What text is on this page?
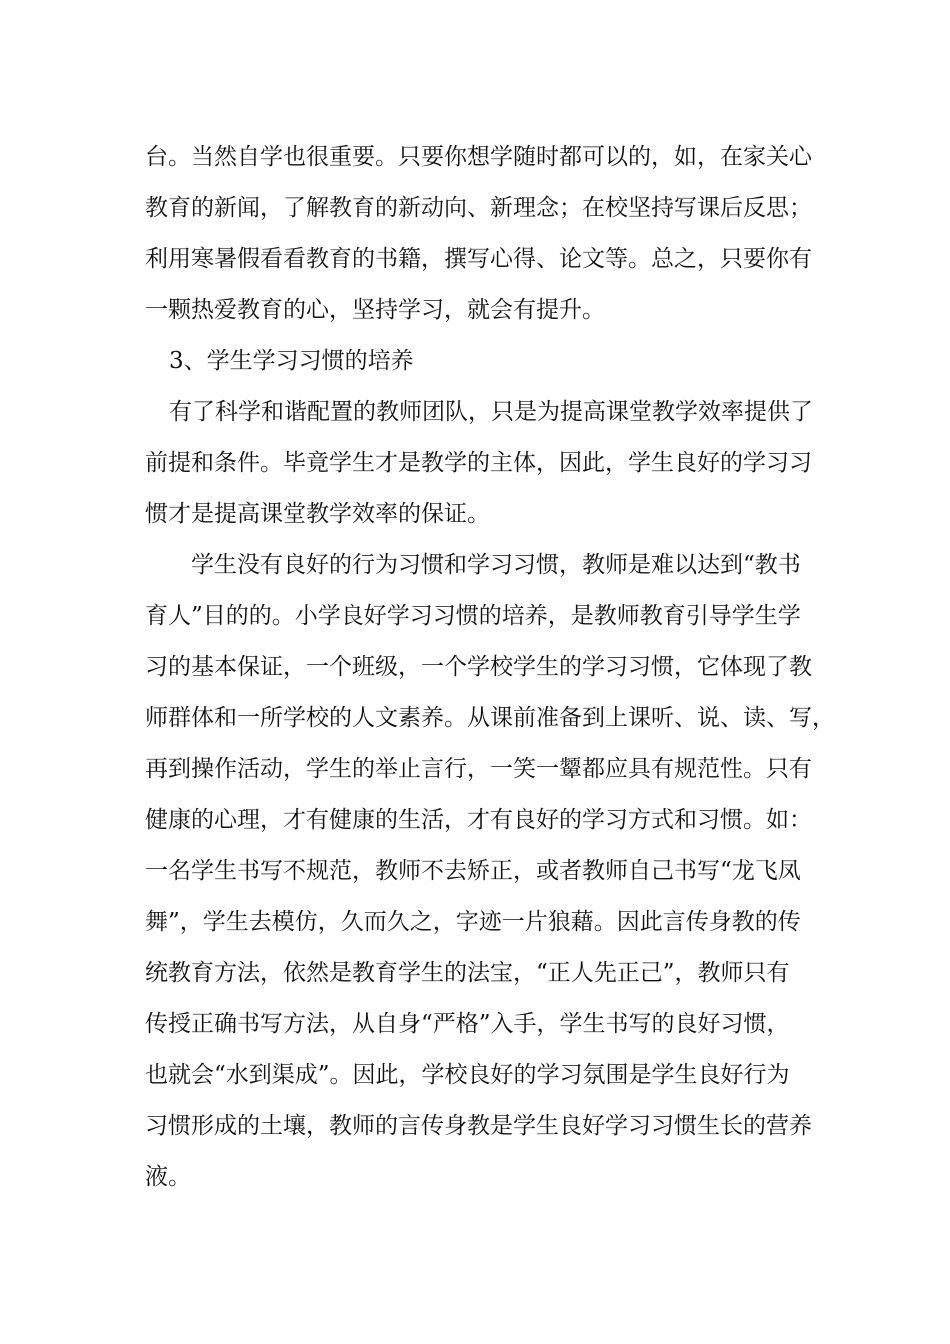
台。当然自学也很重要。只要你想学随时都可以的，如，在家关心
教育的新闻，了解教育的新动向、新理念；在校坚持写课后反思；
利用寒暑假看看教育的书籍，撰写心得、论文等。总之，只要你有
一颗热爱教育的心，坚持学习，就会有提升。
3、学生学习习惯的培养
有了科学和谐配置的教师团队，只是为提高课堂教学效率提供了
前提和条件。毕竟学生才是教学的主体，因此，学生良好的学习习
惯才是提高课堂教学效率的保证。
学生没有良好的行为习惯和学习习惯，教师是难以达到“教书
育人”目的的。小学良好学习习惯的培养，是教师教育引导学生学
习的基本保证，一个班级，一个学校学生的学习习惯，它体现了教
师群体和一所学校的人文素养。从课前准备到上课听、说、读、写，
再到操作活动，学生的举止言行，一笑一颦都应具有规范性。只有
健康的心理，才有健康的生活，才有良好的学习方式和习惯。如：
一名学生书写不规范，教师不去矫正，或者教师自己书写“龙飞凤
舞”，学生去模仿，久而久之，字迹一片狼藉。因此言传身教的传
统教育方法，依然是教育学生的法宝，“正人先正己”，教师只有
传授正确书写方法，从自身“严格”入手，学生书写的良好习惯，
也就会“水到渠成”。因此，学校良好的学习氛围是学生良好行为
习惯形成的土壤，教师的言传身教是学生良好学习习惯生长的营养
液。
